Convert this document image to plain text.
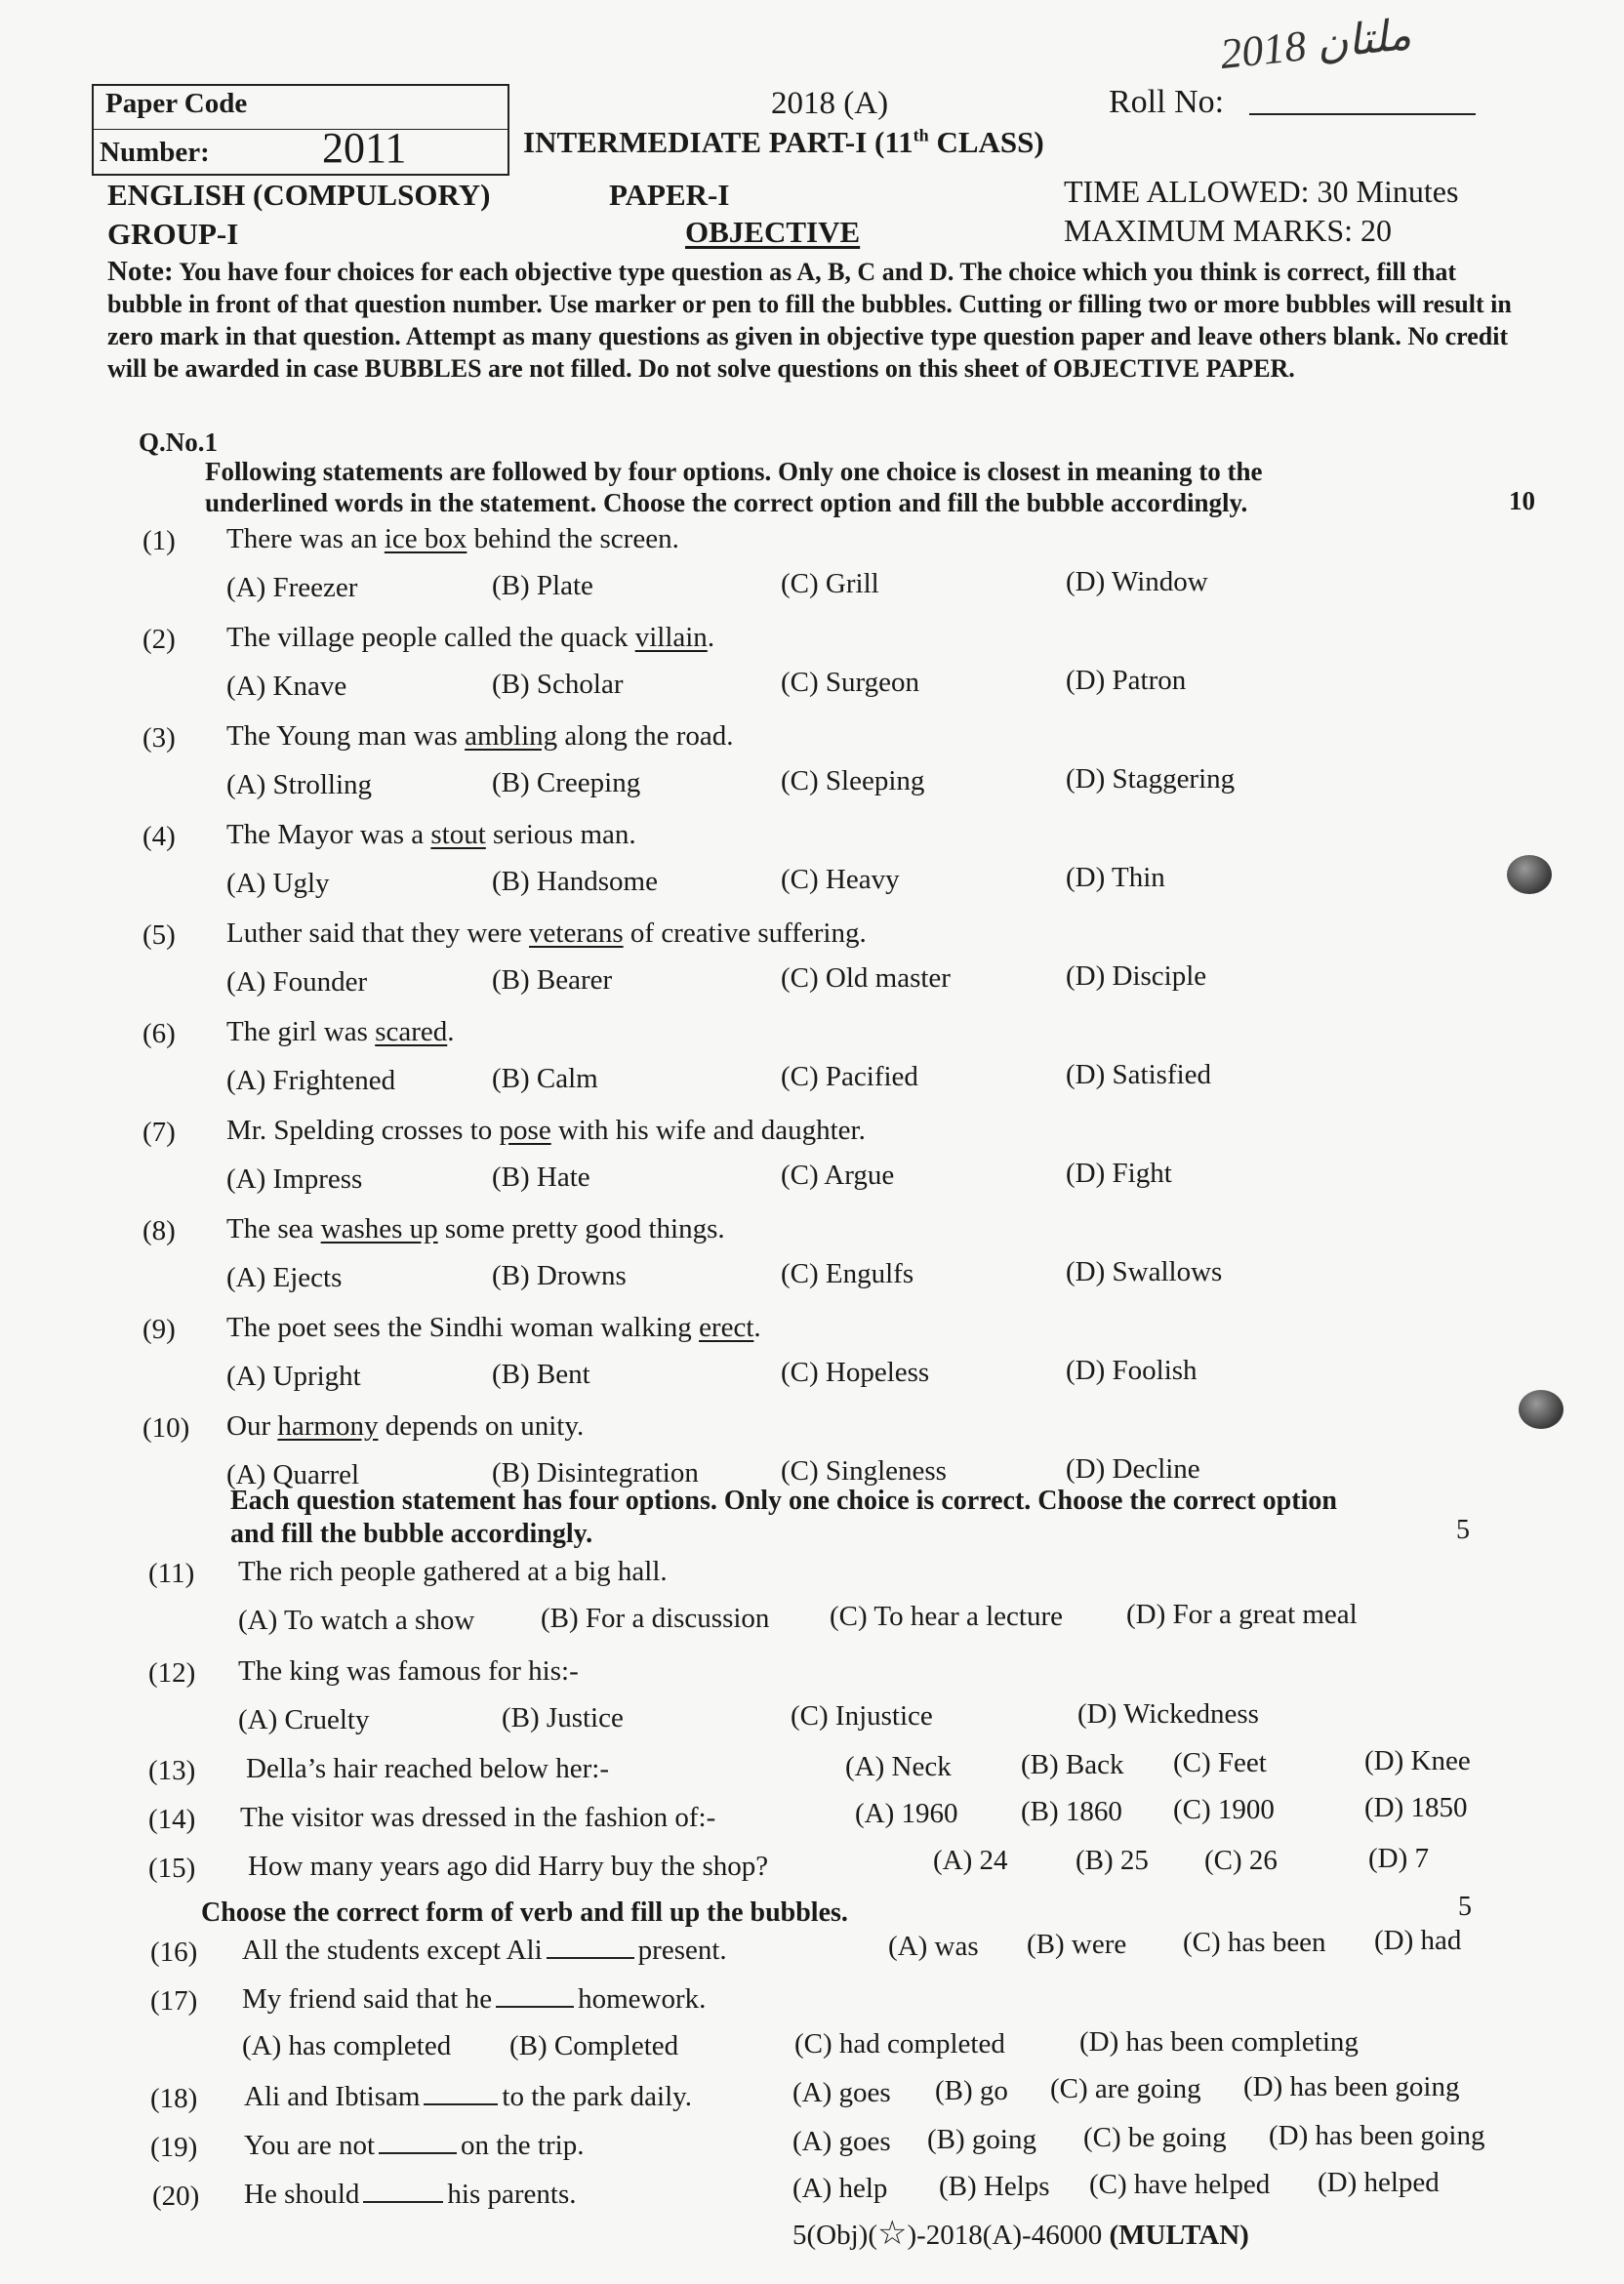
Paper Code
Number:	2011
2018 (A)	Roll No:
2018 ملتان
INTERMEDIATE PART-I (11th CLASS)
ENGLISH (COMPULSORY)	PAPER-I	TIME ALLOWED: 30 Minutes
GROUP-I	OBJECTIVE	MAXIMUM MARKS: 20
Note: You have four choices for each objective type question as A, B, C and D. The choice which you think is correct, fill that bubble in front of that question number. Use marker or pen to fill the bubbles. Cutting or filling two or more bubbles will result in zero mark in that question. Attempt as many questions as given in objective type question paper and leave others blank. No credit will be awarded in case BUBBLES are not filled. Do not solve questions on this sheet of OBJECTIVE PAPER.
Q.No.1
Following statements are followed by four options. Only one choice is closest in meaning to the
underlined words in the statement. Choose the correct option and fill the bubble accordingly.	10
(1) There was an ice box behind the screen.
(A) Freezer	(B) Plate	(C) Grill	(D) Window
(2) The village people called the quack villain.
(A) Knave	(B) Scholar	(C) Surgeon	(D) Patron
(3) The Young man was ambling along the road.
(A) Strolling	(B) Creeping	(C) Sleeping	(D) Staggering
(4) The Mayor was a stout serious man.
(A) Ugly	(B) Handsome	(C) Heavy	(D) Thin
(5) Luther said that they were veterans of creative suffering.
(A) Founder	(B) Bearer	(C) Old master	(D) Disciple
(6) The girl was scared.
(A) Frightened	(B) Calm	(C) Pacified	(D) Satisfied
(7) Mr. Spelding crosses to pose with his wife and daughter.
(A) Impress	(B) Hate	(C) Argue	(D) Fight
(8) The sea washes up some pretty good things.
(A) Ejects	(B) Drowns	(C) Engulfs	(D) Swallows
(9) The poet sees the Sindhi woman walking erect.
(A) Upright	(B) Bent	(C) Hopeless	(D) Foolish
(10) Our harmony depends on unity.
(A) Quarrel	(B) Disintegration	(C) Singleness	(D) Decline
Each question statement has four options. Only one choice is correct. Choose the correct option
and fill the bubble accordingly.	5
(11) The rich people gathered at a big hall.
(A) To watch a show (B) For a discussion (C) To hear a lecture (D) For a great meal
(12) The king was famous for his:-
(A) Cruelty	(B) Justice	(C) Injustice	(D) Wickedness
(13) Della’s hair reached below her:-	(A) Neck (B) Back (C) Feet	(D) Knee
(14) The visitor was dressed in the fashion of:-	(A) 1960 (B) 1860 (C) 1900	(D) 1850
(15) How many years ago did Harry buy the shop?	(A) 24 (B) 25 (C) 26	(D) 7
Choose the correct form of verb and fill up the bubbles.	5
(16) All the students except Ali	present.	(A) was (B) were (C) has been (D) had
(17) My friend said that he	homework.
(A) has completed (B) Completed	(C) had completed	(D) has been completing
(18) Ali and Ibtisam	to the park daily.	(A) goes (B) go (C) are going (D) has been going
(19) You are not	on the trip.	(A) goes (B) going (C) be going (D) has been going
(20) He should	his parents.	(A) help (B) Helps (C) have helped (D) helped
5(Obj)(☆)-2018(A)-46000 (MULTAN)
